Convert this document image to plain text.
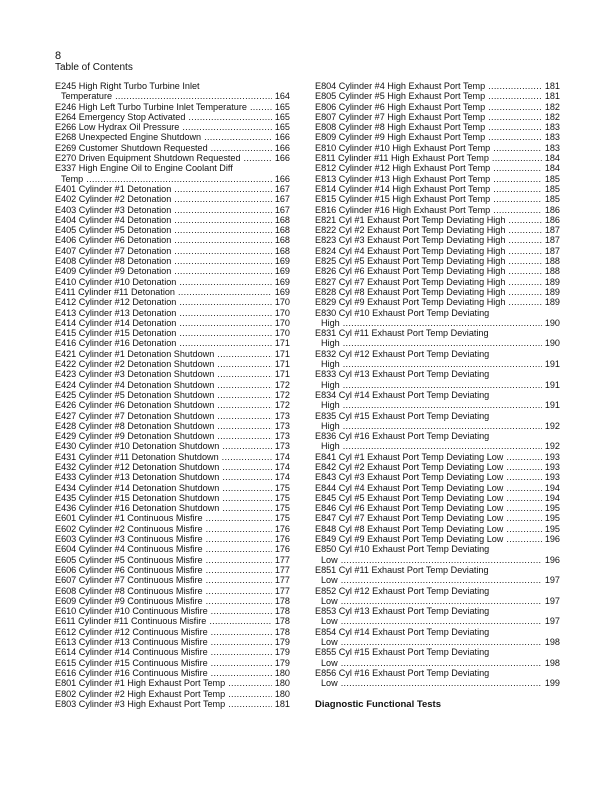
8
Table of Contents
E245 High Right Turbo Turbine Inlet
Temperature .....	164
E246 High Left Turbo Turbine Inlet Temperature .....	165
E264 Emergency Stop Activated .....	165
E266 Low Hydrax Oil Pressure .....	165
E268 Unexpected Engine Shutdown .....	166
E269 Customer Shutdown Requested .....	166
E270 Driven Equipment Shutdown Requested .....	166
E337 High Engine Oil to Engine Coolant Diff
Temp .....	166
E401 Cylinder #1 Detonation .....	167
E402 Cylinder #2 Detonation .....	167
E403 Cylinder #3 Detonation .....	167
E404 Cylinder #4 Detonation .....	168
E405 Cylinder #5 Detonation .....	168
E406 Cylinder #6 Detonation .....	168
E407 Cylinder #7 Detonation .....	168
E408 Cylinder #8 Detonation .....	169
E409 Cylinder #9 Detonation .....	169
E410 Cylinder #10 Detonation .....	169
E411 Cylinder #11 Detonation .....	169
E412 Cylinder #12 Detonation .....	170
E413 Cylinder #13 Detonation .....	170
E414 Cylinder #14 Detonation .....	170
E415 Cylinder #15 Detonation .....	170
E416 Cylinder #16 Detonation .....	171
E421 Cylinder #1 Detonation Shutdown .....	171
E422 Cylinder #2 Detonation Shutdown .....	171
E423 Cylinder #3 Detonation Shutdown .....	171
E424 Cylinder #4 Detonation Shutdown .....	172
E425 Cylinder #5 Detonation Shutdown .....	172
E426 Cylinder #6 Detonation Shutdown .....	172
E427 Cylinder #7 Detonation Shutdown .....	173
E428 Cylinder #8 Detonation Shutdown .....	173
E429 Cylinder #9 Detonation Shutdown .....	173
E430 Cylinder #10 Detonation Shutdown .....	173
E431 Cylinder #11 Detonation Shutdown .....	174
E432 Cylinder #12 Detonation Shutdown .....	174
E433 Cylinder #13 Detonation Shutdown .....	174
E434 Cylinder #14 Detonation Shutdown .....	175
E435 Cylinder #15 Detonation Shutdown .....	175
E436 Cylinder #16 Detonation Shutdown .....	175
E601 Cylinder #1 Continuous Misfire .....	175
E602 Cylinder #2 Continuous Misfire .....	176
E603 Cylinder #3 Continuous Misfire .....	176
E604 Cylinder #4 Continuous Misfire .....	176
E605 Cylinder #5 Continuous Misfire .....	177
E606 Cylinder #6 Continuous Misfire .....	177
E607 Cylinder #7 Continuous Misfire .....	177
E608 Cylinder #8 Continuous Misfire .....	177
E609 Cylinder #9 Continuous Misfire .....	178
E610 Cylinder #10 Continuous Misfire .....	178
E611 Cylinder #11 Continuous Misfire .....	178
E612 Cylinder #12 Continuous Misfire .....	178
E613 Cylinder #13 Continuous Misfire .....	179
E614 Cylinder #14 Continuous Misfire .....	179
E615 Cylinder #15 Continuous Misfire .....	179
E616 Cylinder #16 Continuous Misfire .....	180
E801 Cylinder #1 High Exhaust Port Temp .....	180
E802 Cylinder #2 High Exhaust Port Temp .....	180
E803 Cylinder #3 High Exhaust Port Temp .....	181
E804 Cylinder #4 High Exhaust Port Temp .....	181
E805 Cylinder #5 High Exhaust Port Temp .....	181
E806 Cylinder #6 High Exhaust Port Temp .....	182
E807 Cylinder #7 High Exhaust Port Temp .....	182
E808 Cylinder #8 High Exhaust Port Temp .....	183
E809 Cylinder #9 High Exhaust Port Temp .....	183
E810 Cylinder #10 High Exhaust Port Temp .....	183
E811 Cylinder #11 High Exhaust Port Temp .....	184
E812 Cylinder #12 High Exhaust Port Temp .....	184
E813 Cylinder #13 High Exhaust Port Temp .....	185
E814 Cylinder #14 High Exhaust Port Temp .....	185
E815 Cylinder #15 High Exhaust Port Temp .....	185
E816 Cylinder #16 High Exhaust Port Temp .....	186
E821 Cyl #1 Exhaust Port Temp Deviating High .....	186
E822 Cyl #2 Exhaust Port Temp Deviating High .....	187
E823 Cyl #3 Exhaust Port Temp Deviating High .....	187
E824 Cyl #4 Exhaust Port Temp Deviating High .....	187
E825 Cyl #5 Exhaust Port Temp Deviating High .....	188
E826 Cyl #6 Exhaust Port Temp Deviating High .....	188
E827 Cyl #7 Exhaust Port Temp Deviating High .....	189
E828 Cyl #8 Exhaust Port Temp Deviating High .....	189
E829 Cyl #9 Exhaust Port Temp Deviating High .....	189
E830 Cyl #10 Exhaust Port Temp Deviating
High .....	190
E831 Cyl #11 Exhaust Port Temp Deviating
High .....	190
E832 Cyl #12 Exhaust Port Temp Deviating
High .....	191
E833 Cyl #13 Exhaust Port Temp Deviating
High .....	191
E834 Cyl #14 Exhaust Port Temp Deviating
High .....	191
E835 Cyl #15 Exhaust Port Temp Deviating
High .....	192
E836 Cyl #16 Exhaust Port Temp Deviating
High .....	192
E841 Cyl #1 Exhaust Port Temp Deviating Low .....	193
E842 Cyl #2 Exhaust Port Temp Deviating Low .....	193
E843 Cyl #3 Exhaust Port Temp Deviating Low .....	193
E844 Cyl #4 Exhaust Port Temp Deviating Low .....	194
E845 Cyl #5 Exhaust Port Temp Deviating Low .....	194
E846 Cyl #6 Exhaust Port Temp Deviating Low .....	195
E847 Cyl #7 Exhaust Port Temp Deviating Low .....	195
E848 Cyl #8 Exhaust Port Temp Deviating Low .....	195
E849 Cyl #9 Exhaust Port Temp Deviating Low .....	196
E850 Cyl #10 Exhaust Port Temp Deviating
Low .....	196
E851 Cyl #11 Exhaust Port Temp Deviating
Low .....	197
E852 Cyl #12 Exhaust Port Temp Deviating
Low .....	197
E853 Cyl #13 Exhaust Port Temp Deviating
Low .....	197
E854 Cyl #14 Exhaust Port Temp Deviating
Low .....	198
E855 Cyl #15 Exhaust Port Temp Deviating
Low .....	198
E856 Cyl #16 Exhaust Port Temp Deviating
Low .....	199
Diagnostic Functional Tests
